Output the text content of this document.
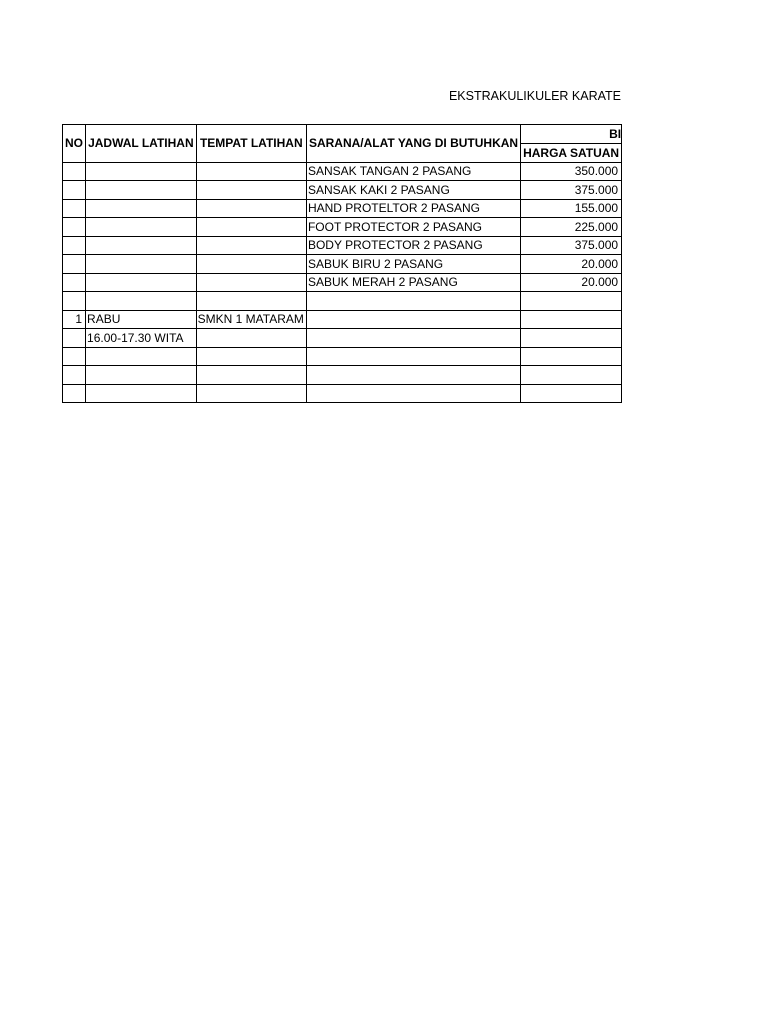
EKSTRAKULIKULER KARATE
NO	JADWAL LATIHAN	TEMPAT LATIHAN	SARANA/ALAT YANG DI BUTUHKAN	BI	
				HARGA SATUAN	
			SANSAK TANGAN 2 PASANG	350.000	
			SANSAK KAKI 2 PASANG	375.000	
			HAND PROTELTOR 2 PASANG	155.000	
			FOOT PROTECTOR 2 PASANG	225.000	
			BODY PROTECTOR 2 PASANG	375.000	
			SABUK BIRU 2 PASANG	20.000	
			SABUK MERAH 2 PASANG	20.000	

1	RABU	SMKN 1 MATARAM			
	16.00-17.30 WITA				
